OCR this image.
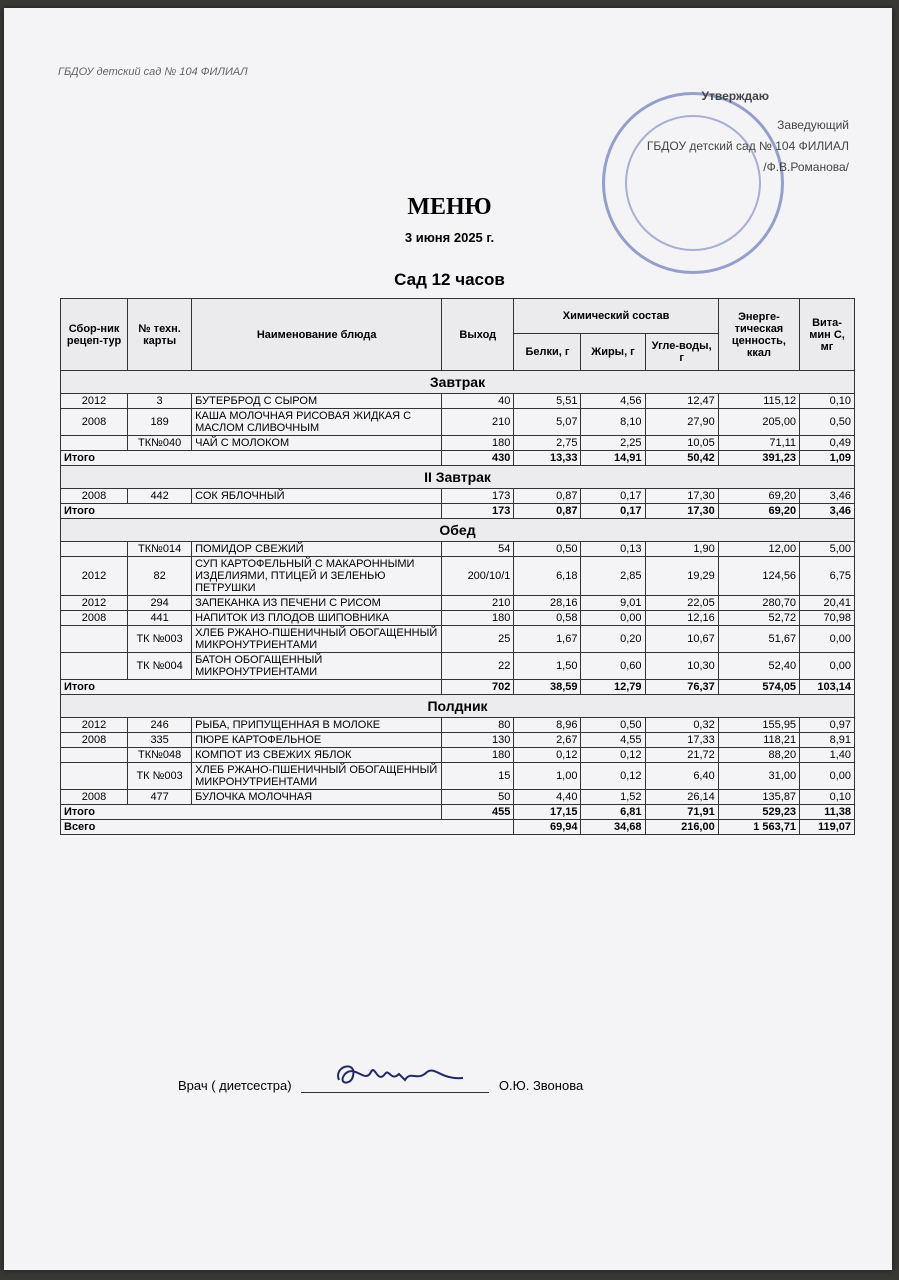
ГБДОУ детский сад № 104 ФИЛИАЛ
Утверждаю
Заведующий
ГБДОУ детский сад № 104 ФИЛИАЛ
/Ф.В.Романова/
МЕНЮ
3 июня 2025 г.
Сад 12 часов
Сбор-ник рецеп-тур	№ техн. карты	Наименование блюда	Выход	Химический состав			Энерге-тическая ценность, ккал	Вита-мин С, мг
				Белки, г	Жиры, г	Угле-воды, г		
Завтрак								
2012	3	БУТЕРБРОД С СЫРОМ	40	5,51	4,56	12,47	115,12	0,10
2008	189	КАША МОЛОЧНАЯ РИСОВАЯ ЖИДКАЯ С МАСЛОМ СЛИВОЧНЫМ	210	5,07	8,10	27,90	205,00	0,50
	ТК№040	ЧАЙ С МОЛОКОМ	180	2,75	2,25	10,05	71,11	0,49
Итого			430	13,33	14,91	50,42	391,23	1,09
II Завтрак								
2008	442	СОК ЯБЛОЧНЫЙ	173	0,87	0,17	17,30	69,20	3,46
Итого			173	0,87	0,17	17,30	69,20	3,46
Обед								
	ТК№014	ПОМИДОР СВЕЖИЙ	54	0,50	0,13	1,90	12,00	5,00
2012	82	СУП КАРТОФЕЛЬНЫЙ С МАКАРОННЫМИ ИЗДЕЛИЯМИ, ПТИЦЕЙ И ЗЕЛЕНЬЮ ПЕТРУШКИ	200/10/1	6,18	2,85	19,29	124,56	6,75
2012	294	ЗАПЕКАНКА ИЗ ПЕЧЕНИ С РИСОМ	210	28,16	9,01	22,05	280,70	20,41
2008	441	НАПИТОК ИЗ ПЛОДОВ ШИПОВНИКА	180	0,58	0,00	12,16	52,72	70,98
	ТК №003	ХЛЕБ РЖАНО-ПШЕНИЧНЫЙ ОБОГАЩЕННЫЙ МИКРОНУТРИЕНТАМИ	25	1,67	0,20	10,67	51,67	0,00
	ТК №004	БАТОН ОБОГАЩЕННЫЙ МИКРОНУТРИЕНТАМИ	22	1,50	0,60	10,30	52,40	0,00
Итого			702	38,59	12,79	76,37	574,05	103,14
Полдник								
2012	246	РЫБА, ПРИПУЩЕННАЯ В МОЛОКЕ	80	8,96	0,50	0,32	155,95	0,97
2008	335	ПЮРЕ КАРТОФЕЛЬНОЕ	130	2,67	4,55	17,33	118,21	8,91
	ТК№048	КОМПОТ ИЗ СВЕЖИХ ЯБЛОК	180	0,12	0,12	21,72	88,20	1,40
	ТК №003	ХЛЕБ РЖАНО-ПШЕНИЧНЫЙ ОБОГАЩЕННЫЙ МИКРОНУТРИЕНТАМИ	15	1,00	0,12	6,40	31,00	0,00
2008	477	БУЛОЧКА МОЛОЧНАЯ	50	4,40	1,52	26,14	135,87	0,10
Итого			455	17,15	6,81	71,91	529,23	11,38
Всего				69,94	34,68	216,00	1 563,71	119,07
Врач ( диетсестра)	О.Ю. Звонова
